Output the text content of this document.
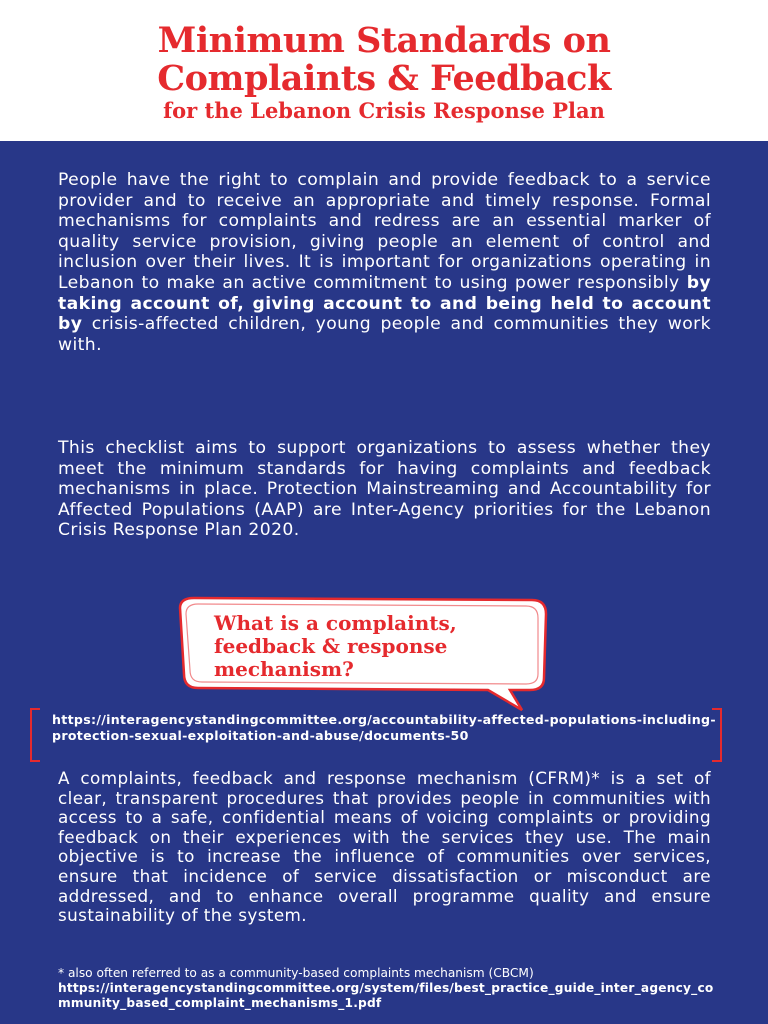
Minimum Standards on
Complaints & Feedback
for the Lebanon Crisis Response Plan
People have the right to complain and provide feedback to a service provider and to receive an appropriate and timely response. Formal mechanisms for complaints and redress are an essential marker of quality service provision, giving people an element of control and inclusion over their lives. It is important for organizations operating in Lebanon to make an active commitment to using power responsibly by taking account of, giving account to and being held to account by crisis-affected children, young people and communities they work with.
This checklist aims to support organizations to assess whether they meet the minimum standards for having complaints and feedback mechanisms in place. Protection Mainstreaming and Accountability for Affected Populations (AAP) are Inter-Agency priorities for the Lebanon Crisis Response Plan 2020.
What is a complaints, feedback & response mechanism?
https://interagencystandingcommittee.org/accountability-affected-populations-including-protection-sexual-exploitation-and-abuse/documents-50
A complaints, feedback and response mechanism (CFRM)* is a set of clear, transparent procedures that provides people in communities with access to a safe, confidential means of voicing complaints or providing feedback on their experiences with the services they use. The main objective is to increase the influence of communities over services, ensure that incidence of service dissatisfaction or misconduct are addressed, and to enhance overall programme quality and ensure sustainability of the system.
* also often referred to as a community-based complaints mechanism (CBCM)
https://interagencystandingcommittee.org/system/files/best_practice_guide_inter_agency_community_based_complaint_mechanisms_1.pdf
